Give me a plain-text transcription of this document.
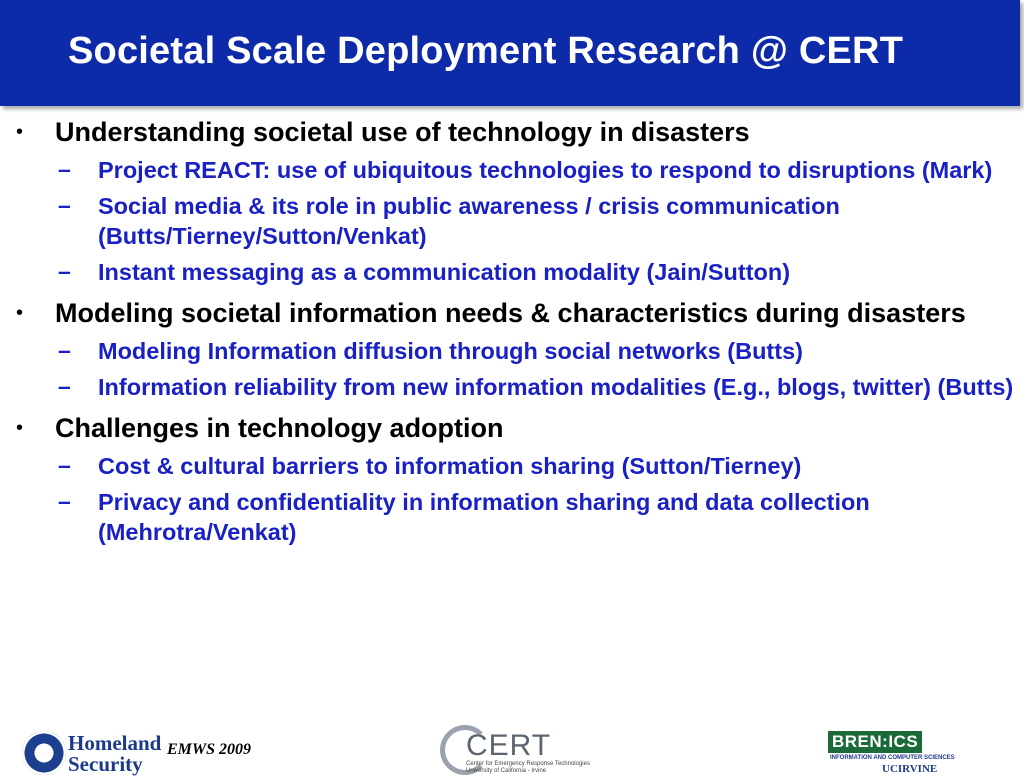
Societal Scale Deployment Research @ CERT
•	Understanding societal use of technology in disasters
–	Project REACT: use of ubiquitous technologies to respond to disruptions (Mark)
–	Social media & its role in public awareness / crisis communication (Butts/Tierney/Sutton/Venkat)
–	Instant messaging as a communication modality (Jain/Sutton)
•	Modeling societal information needs & characteristics during disasters
–	Modeling Information diffusion through social networks (Butts)
–	Information reliability from new information modalities (E.g., blogs, twitter) (Butts)
•	Challenges in technology adoption
–	Cost & cultural barriers to information sharing (Sutton/Tierney)
–	Privacy and confidentiality in information sharing and data collection (Mehrotra/Venkat)
Homeland
Security
EMWS 2009	CERT
Center for Emergency Response Technologies University of California - Irvine
BREN:ICS
INFORMATION AND COMPUTER SCIENCES
UCIRVINE
